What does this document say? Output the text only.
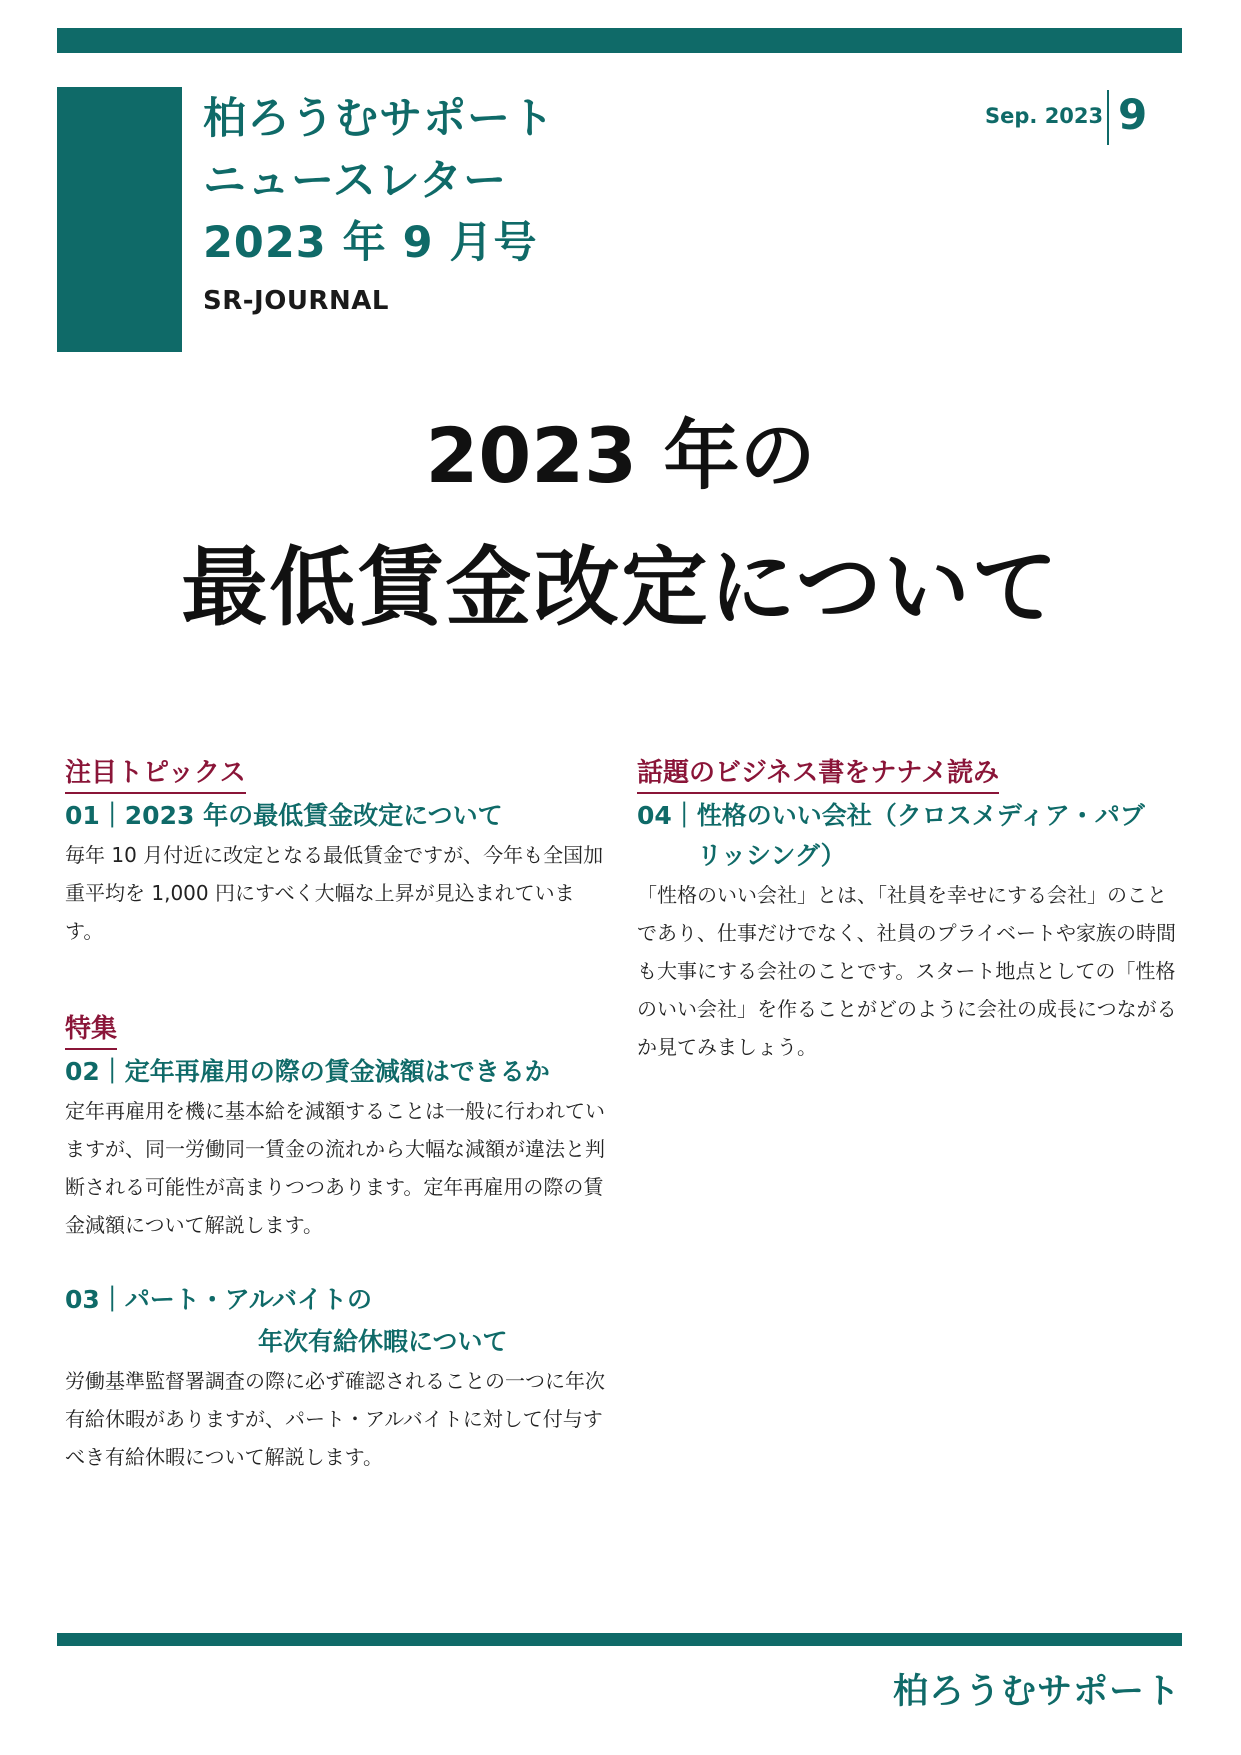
柏ろうむサポート
ニュースレター
2023 年 9 月号
SR-JOURNAL
Sep. 2023 9
2023 年の
最低賃金改定について
注目トピックス
01｜2023 年の最低賃金改定について
毎年 10 月付近に改定となる最低賃金ですが、今年も全国加重平均を 1,000 円にすべく大幅な上昇が見込まれています。
特集
02｜定年再雇用の際の賃金減額はできるか
定年再雇用を機に基本給を減額することは一般に行われていますが、同一労働同一賃金の流れから大幅な減額が違法と判断される可能性が高まりつつあります。定年再雇用の際の賃金減額について解説します。
03｜パート・アルバイトの
年次有給休暇について
労働基準監督署調査の際に必ず確認されることの一つに年次有給休暇がありますが、パート・アルバイトに対して付与すべき有給休暇について解説します。
話題のビジネス書をナナメ読み
04｜性格のいい会社（クロスメディア・パブ
リッシング）
「性格のいい会社」とは、「社員を幸せにする会社」のことであり、仕事だけでなく、社員のプライベートや家族の時間も大事にする会社のことです。スタート地点としての「性格のいい会社」を作ることがどのように会社の成長につながるか見てみましょう。
柏ろうむサポート
